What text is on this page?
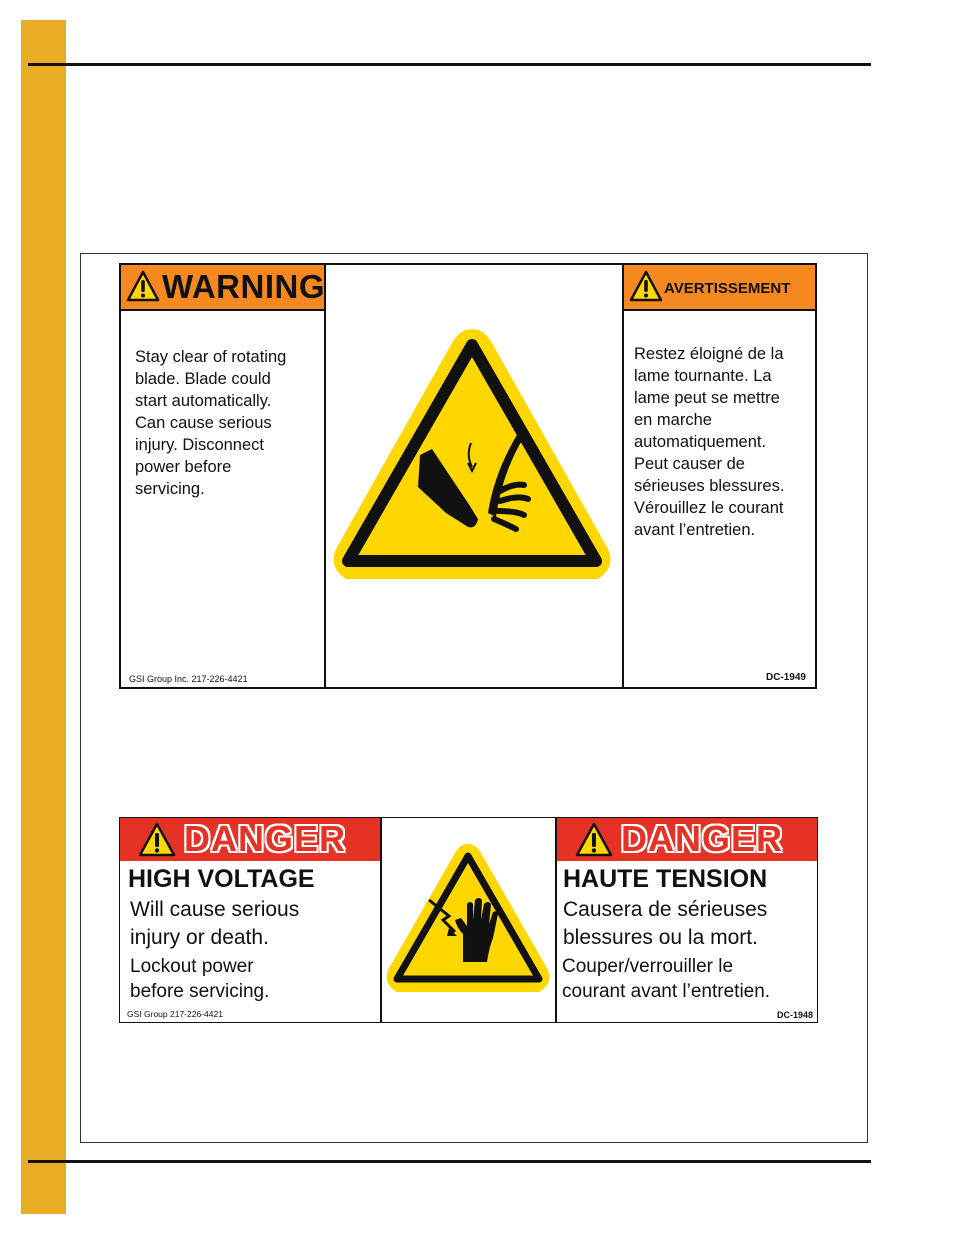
WARNING
Stay clear of rotating
blade. Blade could
start automatically.
Can cause serious
injury. Disconnect
power before
servicing.
GSI Group Inc. 217-226-4421
AVERTISSEMENT
Restez éloigné de la
lame tournante. La
lame peut se mettre
en marche
automatiquement.
Peut causer de
sérieuses blessures.
Vérouillez le courant
avant l’entretien.
DC-1949
DANGER
HIGH VOLTAGE
Will cause serious
injury or death.
Lockout power
before servicing.
GSI Group 217-226-4421
DANGER
HAUTE TENSION
Causera de sérieuses
blessures ou la mort.
Couper/verrouiller le
courant avant l’entretien.
DC-1948
